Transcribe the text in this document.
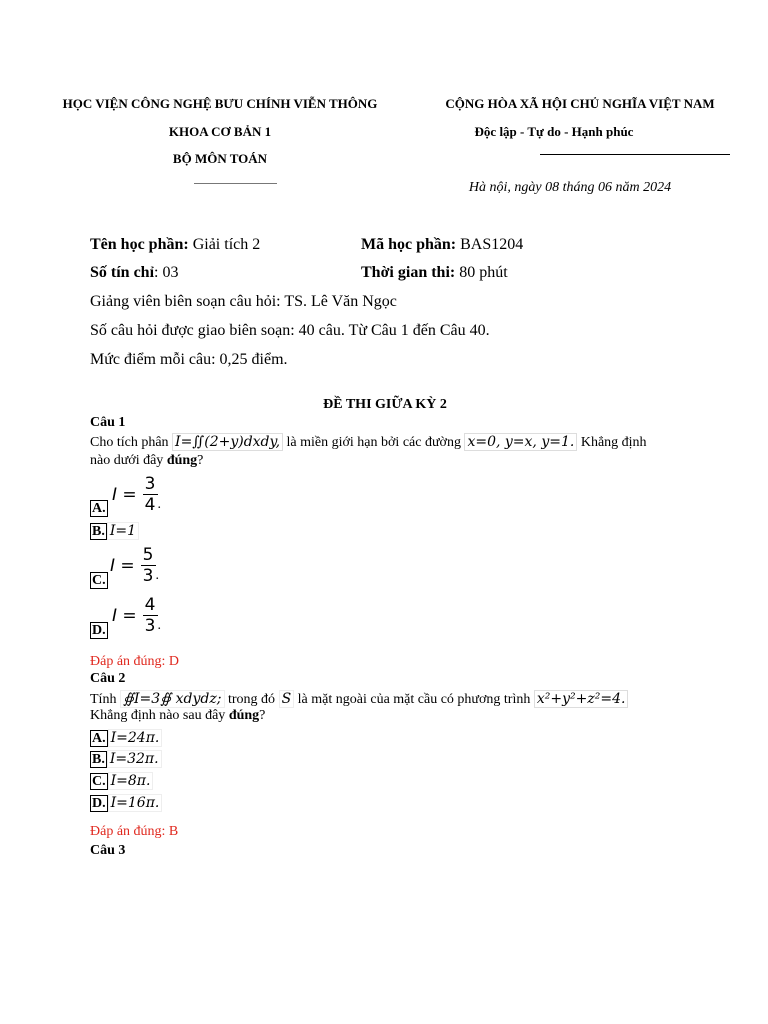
HỌC VIỆN CÔNG NGHỆ BƯU CHÍNH VIỄN THÔNG
KHOA CƠ BẢN 1
BỘ MÔN TOÁN
CỘNG HÒA XÃ HỘI CHỦ NGHĨA VIỆT NAM
Độc lập - Tự do - Hạnh phúc
Hà nội, ngày 08 tháng 06 năm 2024
Tên học phần: Giải tích 2	Mã học phần: BAS1204
Số tín chỉ: 03	Thời gian thi: 80 phút
Giảng viên biên soạn câu hỏi: TS. Lê Văn Ngọc
Số câu hỏi được giao biên soạn: 40 câu. Từ Câu 1 đến Câu 40.
Mức điểm mỗi câu: 0,25 điểm.
ĐỀ THI GIỮA KỲ 2
Câu 1
Cho tích phân I=∬(2+y)dxdy, là miền giới hạn bởi các đường x=0, y=x, y=1. Khẳng định
nào dưới đây đúng?
A.
$I = \frac{3}{4}$ .
B. I=1
C.
$I = \frac{5}{3}$ .
D.
$I = \frac{4}{3}$ .
Đáp án đúng: D
Câu 2
Tính ∯I=3∯ xdydz; trong đó S là mặt ngoài của mặt cầu có phương trình x²+y²+z²=4.
Khẳng định nào sau đây đúng?
A. I=24π.
B. I=32π.
C. I=8π.
D. I=16π.
Đáp án đúng: B
Câu 3
